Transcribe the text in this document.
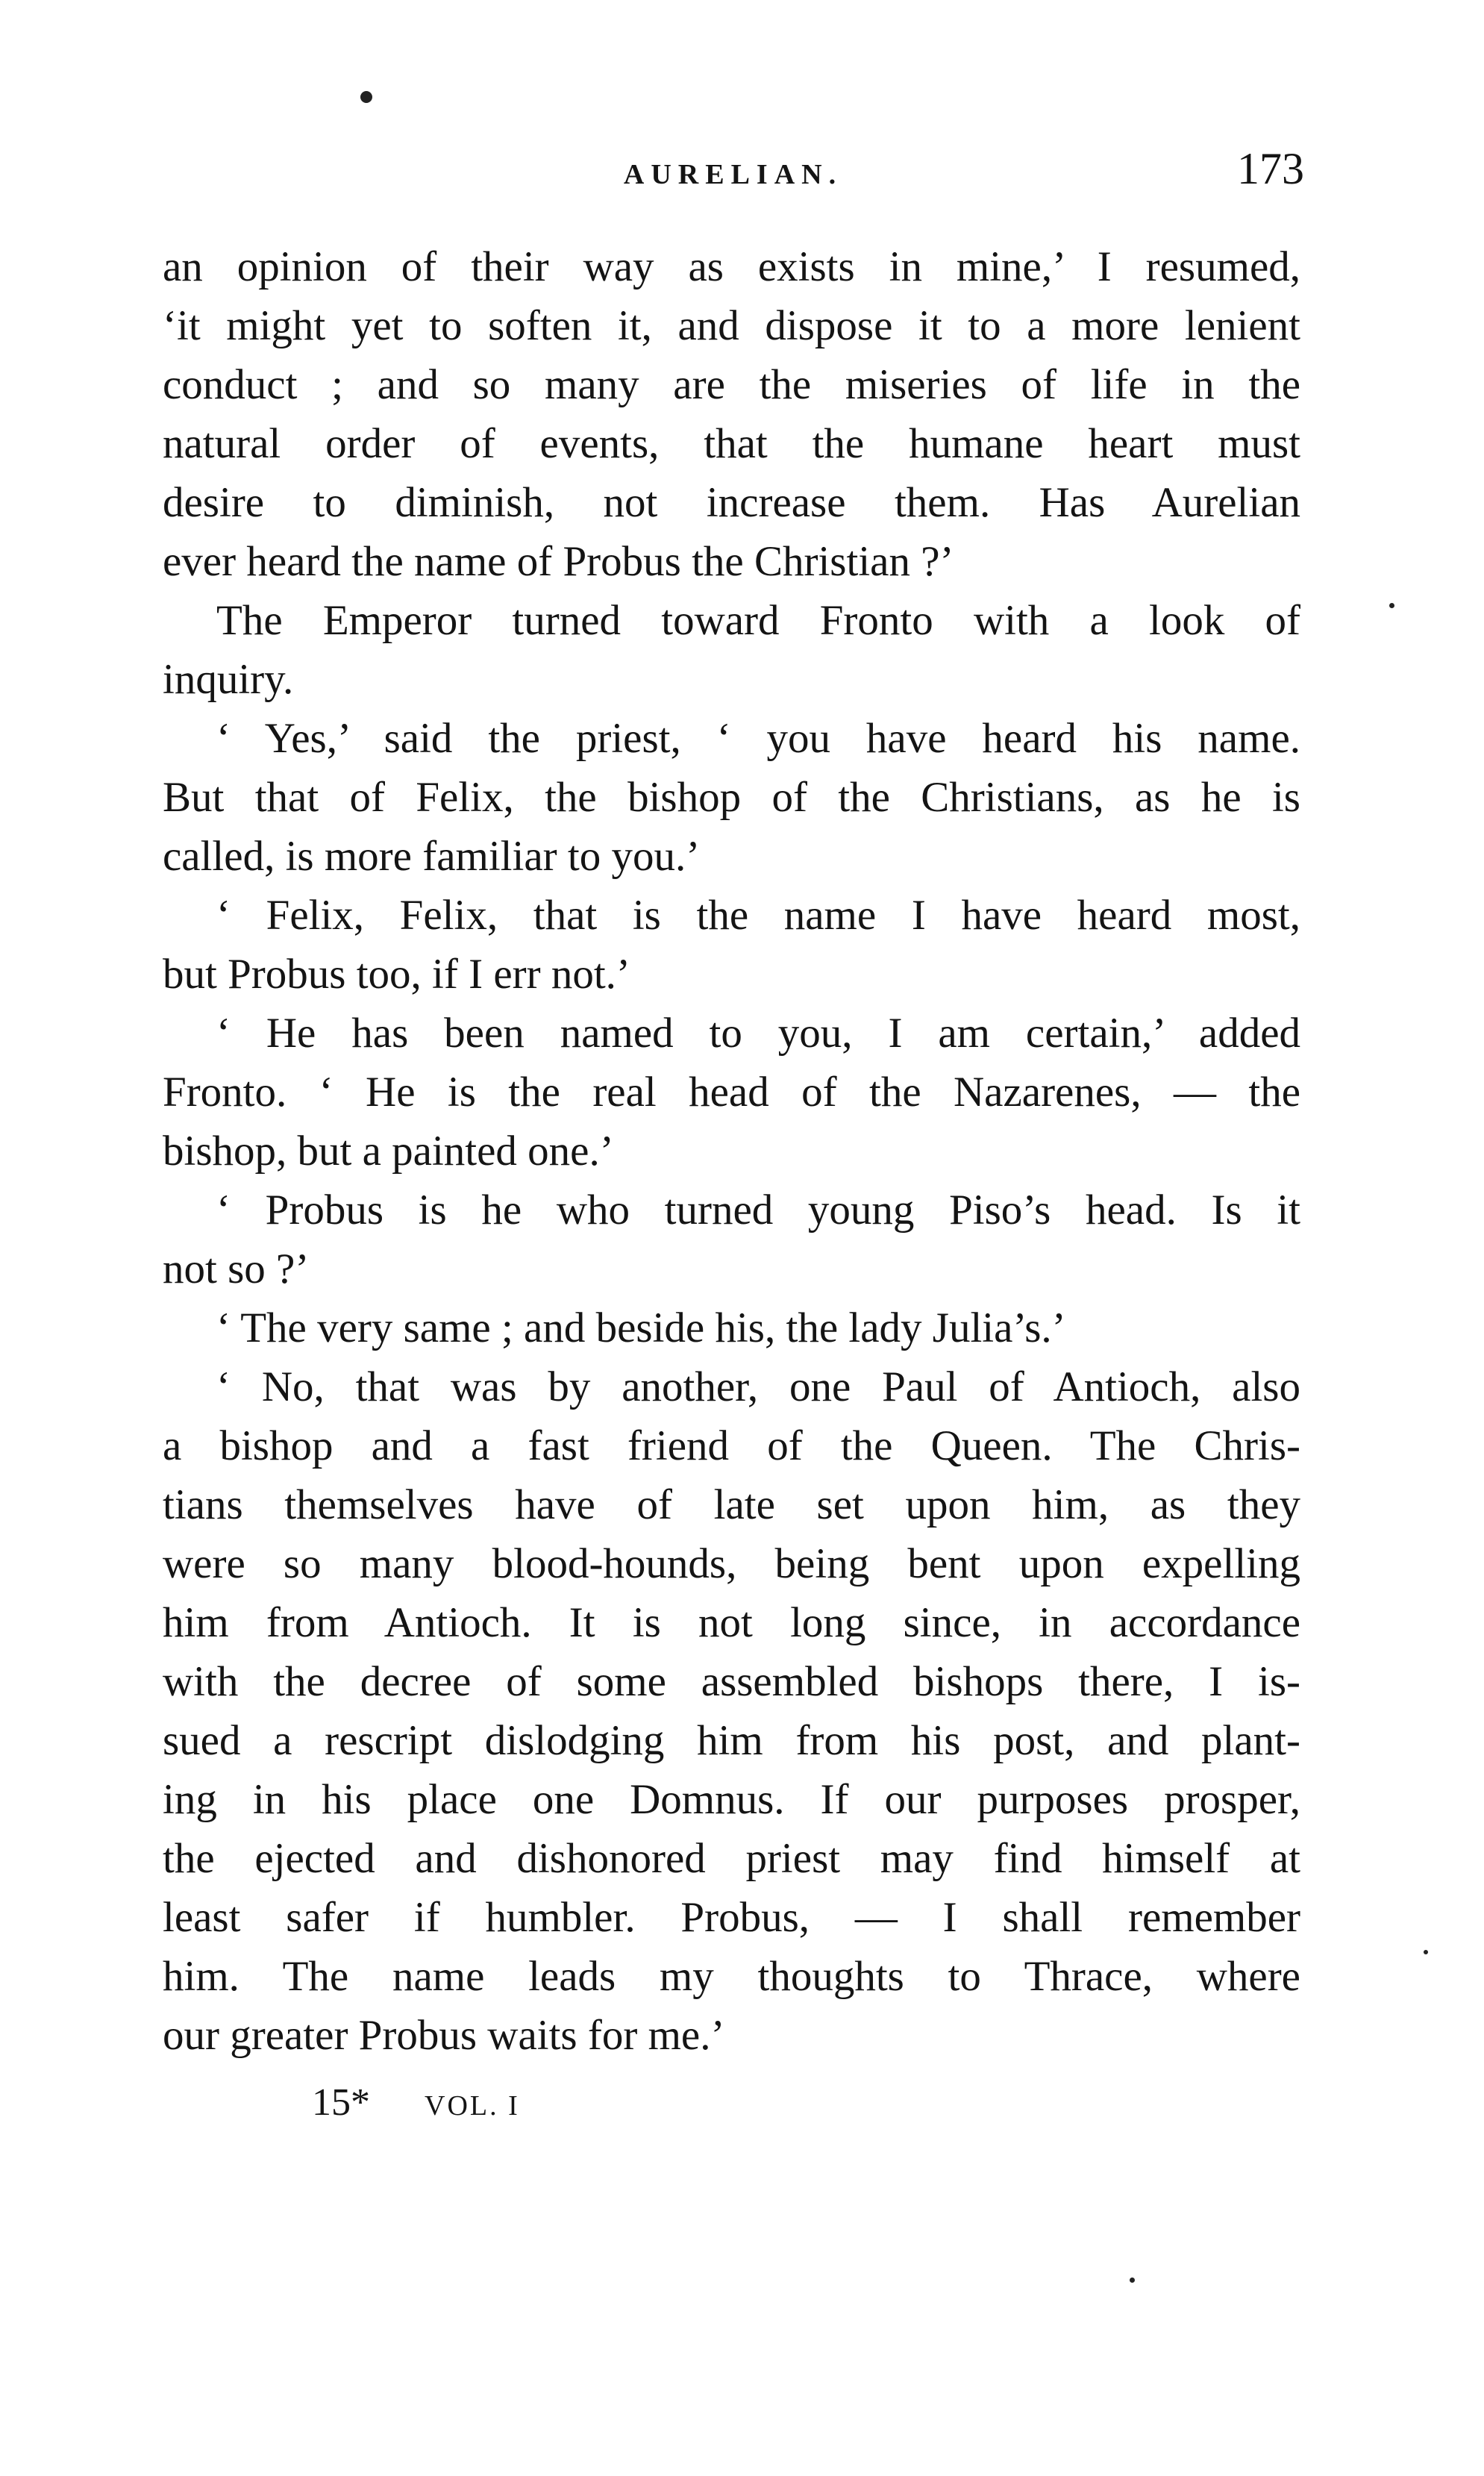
AURELIAN.	173
an opinion of their way as exists in mine,’ I resumed,
‘it might yet to soften it, and dispose it to a more lenient
conduct ; and so many are the miseries of life in the
natural order of events, that the humane heart must
desire to diminish, not increase them. Has Aurelian
ever heard the name of Probus the Christian ?’
The Emperor turned toward Fronto with a look of
inquiry.
‘ Yes,’ said the priest, ‘ you have heard his name.
But that of Felix, the bishop of the Christians, as he is
called, is more familiar to you.’
‘ Felix, Felix, that is the name I have heard most,
but Probus too, if I err not.’
‘ He has been named to you, I am certain,’ added
Fronto. ‘ He is the real head of the Nazarenes, — the
bishop, but a painted one.’
‘ Probus is he who turned young Piso’s head. Is it
not so ?’
‘ The very same ; and beside his, the lady Julia’s.’
‘ No, that was by another, one Paul of Antioch, also
a bishop and a fast friend of the Queen. The Chris-
tians themselves have of late set upon him, as they
were so many blood-hounds, being bent upon expelling
him from Antioch. It is not long since, in accordance
with the decree of some assembled bishops there, I is-
sued a rescript dislodging him from his post, and plant-
ing in his place one Domnus. If our purposes prosper,
the ejected and dishonored priest may find himself at
least safer if humbler. Probus, — I shall remember
him. The name leads my thoughts to Thrace, where
our greater Probus waits for me.’
15* VOL. I
